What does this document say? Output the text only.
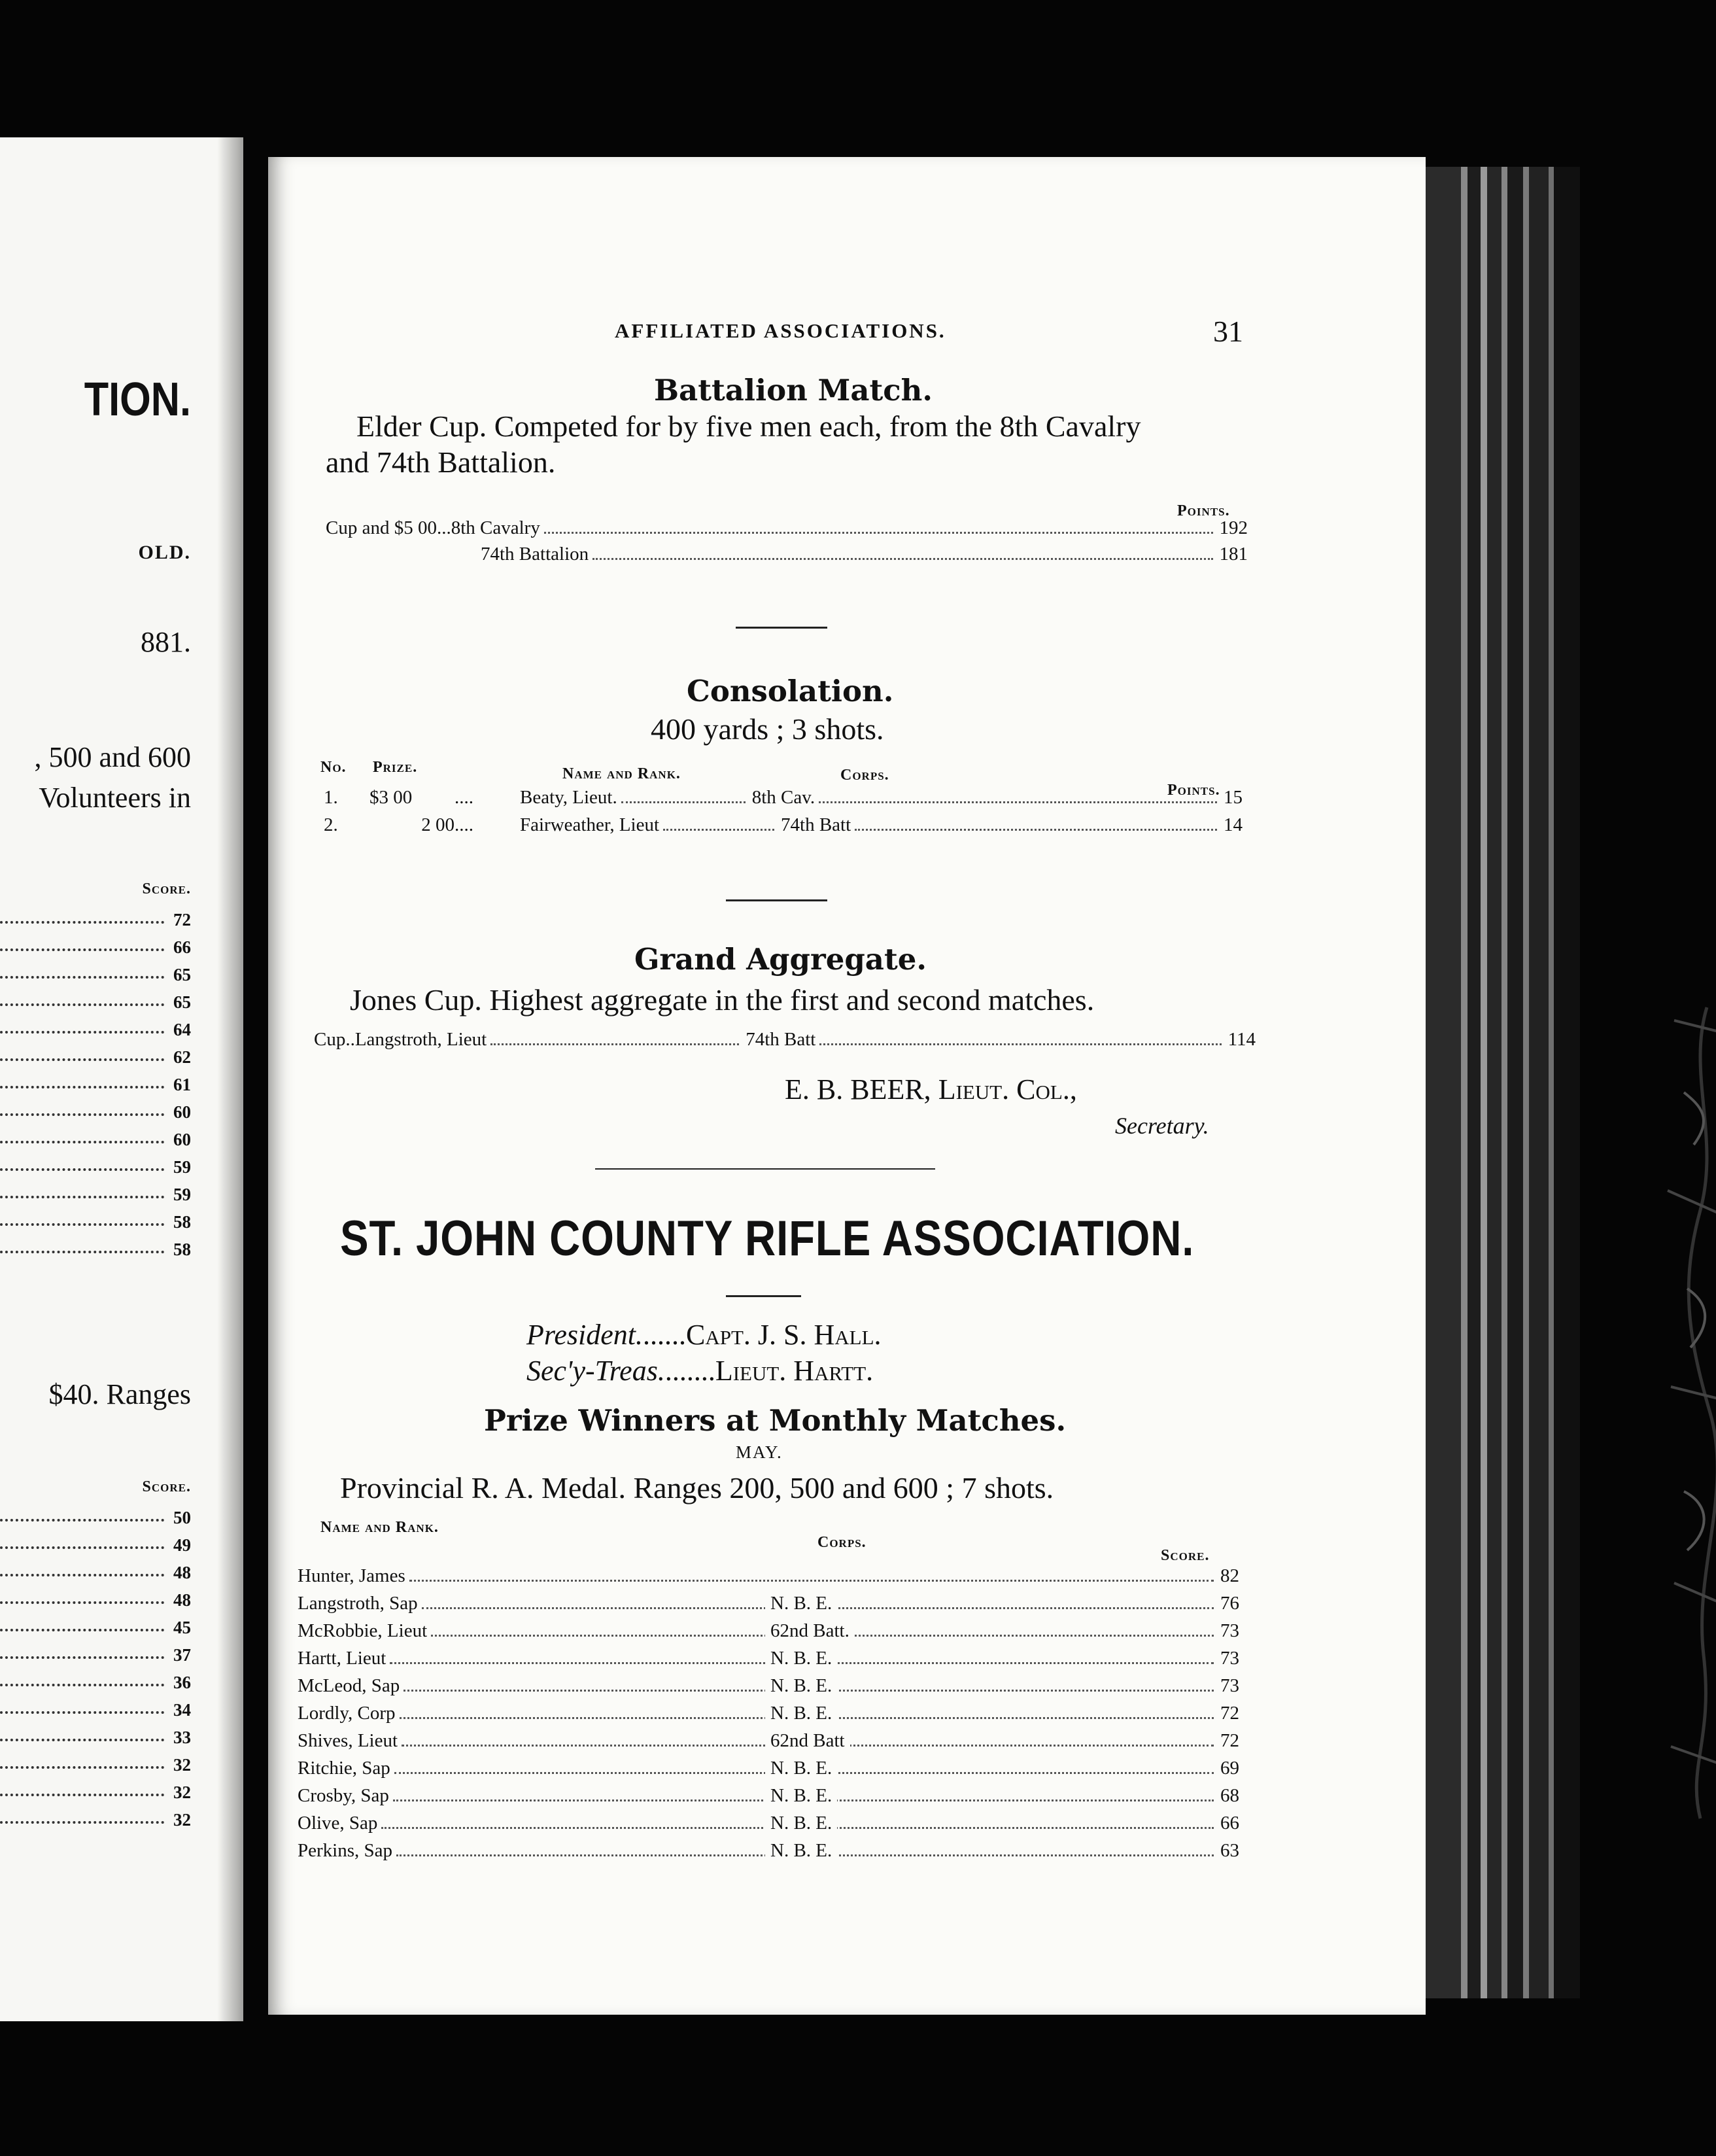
TION.
OLD.
881.
, 500 and 600
Volunteers in
Score.
72
66
65
65
64
62
61
60
60
59
59
58
58
$40. Ranges
Score.
50
49
48
48
45
37
36
34
33
32
32
32
AFFILIATED ASSOCIATIONS.	31
Battalion Match.
Elder Cup. Competed for by five men each, from the 8th Cavalry
and 74th Battalion.
Points.
Cup and $5 00... 8th Cavalry	192
74th Battalion	181
Consolation.
400 yards ; 3 shots.
No. Prize.	Name and Rank.	Corps.
Points.
1.	$3 00	....	Beaty, Lieut.	8th Cav.	15
2.	2 00 ....	Fairweather, Lieut	74th Batt	14
Grand Aggregate.
Jones Cup. Highest aggregate in the first and second matches.
Cup.. Langstroth, Lieut	74th Batt	114
E. B. BEER, Lieut. Col.,
Secretary.
ST. JOHN COUNTY RIFLE ASSOCIATION.
President.......Capt. J. S. Hall.
Sec'y-Treas........Lieut. Hartt.
Prize Winners at Monthly Matches.
MAY.
Provincial R. A. Medal. Ranges 200, 500 and 600 ; 7 shots.
Name and Rank.
Corps.
Score.
Hunter, James	82
Langstroth, Sap	N. B. E.	76
McRobbie, Lieut	62nd Batt.	73
Hartt, Lieut	N. B. E.	73
McLeod, Sap	N. B. E.	73
Lordly, Corp	N. B. E.	72
Shives, Lieut	62nd Batt	72
Ritchie, Sap	N. B. E.	69
Crosby, Sap	N. B. E.	68
Olive, Sap	N. B. E.	66
Perkins, Sap	N. B. E.	63
